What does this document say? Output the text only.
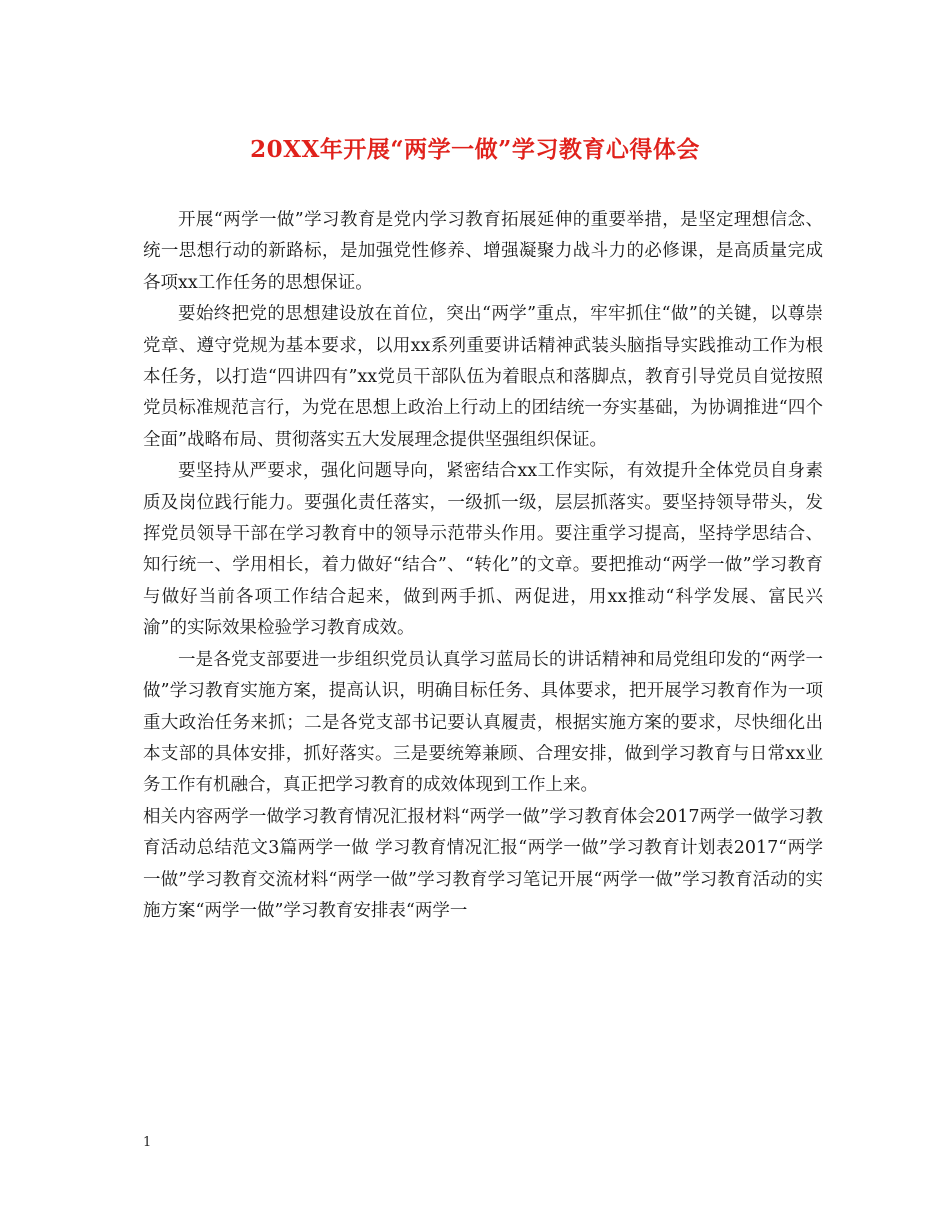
20XX年开展“两学一做”学习教育心得体会

开展“两学一做”学习教育是党内学习教育拓展延伸的重要举措，是坚定理想信念、统一思想行动的新路标，是加强党性修养、增强凝聚力战斗力的必修课，是高质量完成各项xx工作任务的思想保证。

要始终把党的思想建设放在首位，突出“两学”重点，牢牢抓住“做”的关键，以尊崇党章、遵守党规为基本要求，以用xx系列重要讲话精神武装头脑指导实践推动工作为根本任务，以打造“四讲四有”xx党员干部队伍为着眼点和落脚点，教育引导党员自觉按照党员标准规范言行，为党在思想上政治上行动上的团结统一夯实基础，为协调推进“四个全面”战略布局、贯彻落实五大发展理念提供坚强组织保证。

要坚持从严要求，强化问题导向，紧密结合xx工作实际，有效提升全体党员自身素质及岗位践行能力。要强化责任落实，一级抓一级，层层抓落实。要坚持领导带头，发挥党员领导干部在学习教育中的领导示范带头作用。要注重学习提高，坚持学思结合、知行统一、学用相长，着力做好“结合”、“转化”的文章。要把推动“两学一做”学习教育与做好当前各项工作结合起来，做到两手抓、两促进，用xx推动“科学发展、富民兴渝”的实际效果检验学习教育成效。

一是各党支部要进一步组织党员认真学习蓝局长的讲话精神和局党组印发的“两学一做”学习教育实施方案，提高认识，明确目标任务、具体要求，把开展学习教育作为一项重大政治任务来抓；二是各党支部书记要认真履责，根据实施方案的要求，尽快细化出本支部的具体安排，抓好落实。三是要统筹兼顾、合理安排，做到学习教育与日常xx业务工作有机融合，真正把学习教育的成效体现到工作上来。

相关内容两学一做学习教育情况汇报材料“两学一做”学习教育体会2017两学一做学习教育活动总结范文3篇两学一做 学习教育情况汇报“两学一做”学习教育计划表2017“两学一做”学习教育交流材料“两学一做”学习教育学习笔记开展“两学一做”学习教育活动的实施方案“两学一做”学习教育安排表“两学一

1
